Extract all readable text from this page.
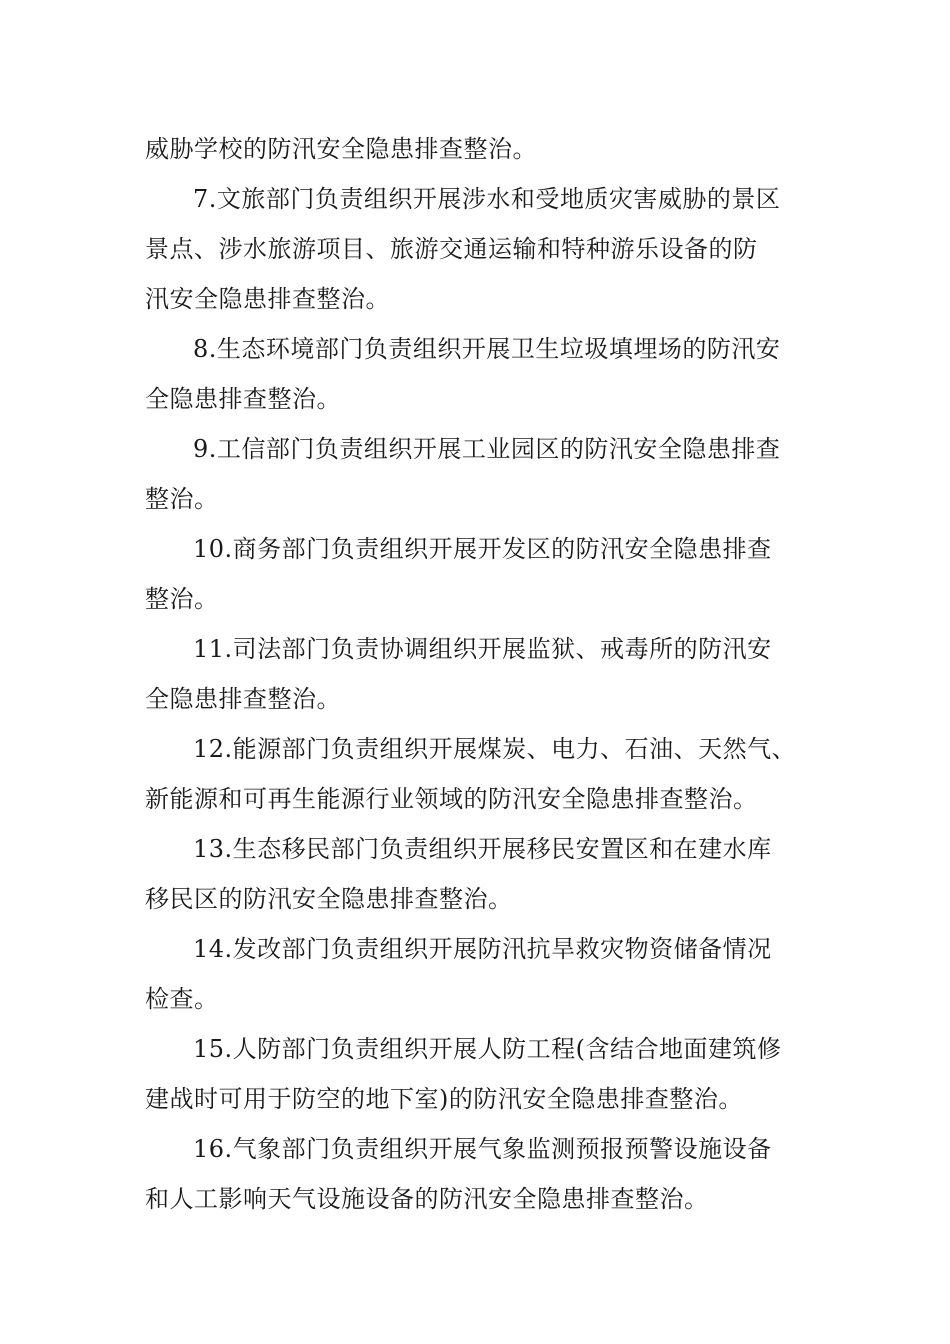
威胁学校的防汛安全隐患排查整治。

7.文旅部门负责组织开展涉水和受地质灾害威胁的景区
景点、涉水旅游项目、旅游交通运输和特种游乐设备的防
汛安全隐患排查整治。

8.生态环境部门负责组织开展卫生垃圾填埋场的防汛安
全隐患排查整治。

9.工信部门负责组织开展工业园区的防汛安全隐患排查
整治。

10.商务部门负责组织开展开发区的防汛安全隐患排查
整治。

11.司法部门负责协调组织开展监狱、戒毒所的防汛安
全隐患排查整治。

12.能源部门负责组织开展煤炭、电力、石油、天然气、
新能源和可再生能源行业领域的防汛安全隐患排查整治。

13.生态移民部门负责组织开展移民安置区和在建水库
移民区的防汛安全隐患排查整治。

14.发改部门负责组织开展防汛抗旱救灾物资储备情况
检查。

15.人防部门负责组织开展人防工程(含结合地面建筑修
建战时可用于防空的地下室)的防汛安全隐患排查整治。

16.气象部门负责组织开展气象监测预报预警设施设备
和人工影响天气设施设备的防汛安全隐患排查整治。
